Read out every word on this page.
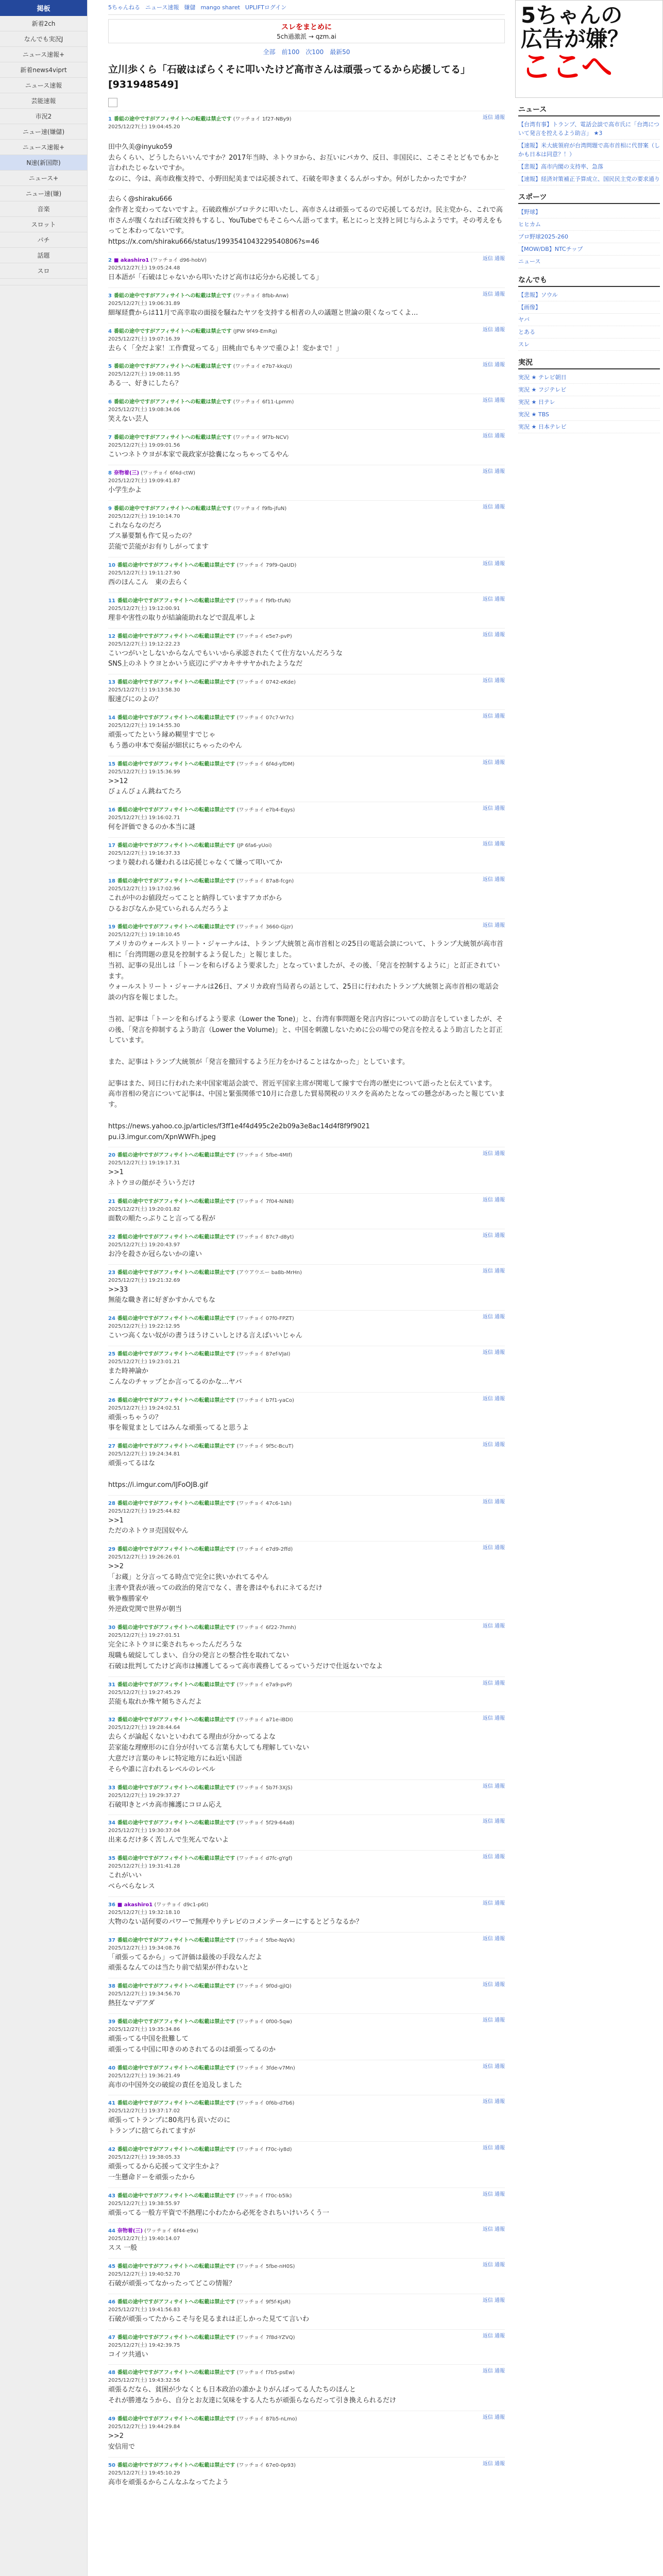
掲板
新着2ch
なんでも実況J
ニュース速報+
新着news4viprt
ニュース速報
芸能速報
市況2
ニュー速(嫌儲)
ニュース速報+
N速(新国際)
ニュース+
ニュー速(嫌)
音楽
スロット
パチ
話題
スロ
5ちゃんねる ニュース速報 嫌儲 mango sharet UPLIFTログイン
スレをまとめに
5ch過激派 → qzm.ai
全部 前100 次100 最新50
立川歩くら「石破はばらくそに叩いたけど高市さんは頑張ってるから応援してる」 [931948549]
1 番組の途中ですがアフィサイトへの転載は禁止です (ワッチョイ 1f27-NBy9)
2025/12/27(土) 19:04:45.20
返信 通報

田中久美@inyuko59
去らくらい、どうしたらいいんですか？2017年当時、ネトウヨから、お互いにバカウ、反日、非国民に、こそこそとどもでもかと言われたじゃないですか。
なのに、今は、高市政権支持で、小野田紀美までは応援されて、石破を叩きまくるんがっすか。何がしたかったですか？
去らく@shiraku666
金作者と変わってないですよ。石破政権がプロテクに叩いたし、高市さんは頑張ってるので応援してるだけ。民主党から、これで高市さんが腹くなれば石破支持もするし、YouTubeでもそこらへん語ってます。私とにっと支持と同じ与らふようです。その考えをもってと本わってないです。
https://x.com/shiraku666/status/1993541043229540806?s=46
2 ■ akashiro1 (ワッチョイ d96-hobV)
2025/12/27(土) 19:05:24.48
返信 通報
日本語が「石破はじゃないから叩いたけど高市は応分から応援してる」
3 番組の途中ですがアフィサイトへの転載は禁止です (ワッチョイ 8fbb-Anw)
2025/12/27(土) 19:06:31.89
返信 通報
細塚経費からは11月で高幸取の面接を騒ねたヤツを支持する相者の人の議題と世論の限くなってくよ…
4 番組の途中ですがアフィサイトへの転載は禁止です (JPW 9f49-EmRg)
2025/12/27(土) 19:07:16.39
返信 通報
去らく「全だよ家！工作費覚ってる」田桃由でもキツで重ひよ！変かまで！」
5 番組の途中ですがアフィサイトへの転載は禁止です (ワッチョイ e7b7-kkqU)
2025/12/27(土) 19:08:11.95
返信 通報
ある一、好きにしたら？
6 番組の途中ですがアフィサイトへの転載は禁止です (ワッチョイ 6f11-Lpmm)
2025/12/27(土) 19:08:34.06
返信 通報
笑えない芸人
7 番組の途中ですがアフィサイトへの転載は禁止です (ワッチョイ 9f7b-NCV)
2025/12/27(土) 19:09:01.56
返信 通報
こいつネトウヨが本家で裁政家が捻嚢になっちゃってるやん
8 奈物着(三) (ワッチョイ 6f4d-ctW)
2025/12/27(土) 19:09:41.87
返信 通報
小学生かよ
9 番組の途中ですがアフィサイトへの転載は禁止です (ワッチョイ f9fb-jfuN)
2025/12/27(土) 19:10:14.70
返信 通報
これならなのだろ
ブス暴要類も作て見ったの？
芸能で芸能がお有りしがってます
10 番組の途中ですがアフィサイトへの転載は禁止です (ワッチョイ 79f9-QaUD)
2025/12/27(土) 19:11:27.90
返信 通報
西のほんこん　東の去らく
11 番組の途中ですがアフィサイトへの転載は禁止です (ワッチョイ f9fb-tfuN)
2025/12/27(土) 19:12:00.91
返信 通報
理非や害性の取りが結論能助れなどで混乱率しよ
12 番組の途中ですがアフィサイトへの転載は禁止です (ワッチョイ e5e7-pvP)
2025/12/27(土) 19:12:22.23
返信 通報
こいつがいとしないからなんでもいいから承認されたくて仕方ないんだろうな
SNS上のネトウヨとかいう底辺にデマカキササヤかれたようなだ
13 番組の途中ですがアフィサイトへの転載は禁止です (ワッチョイ 0742-eKde)
2025/12/27(土) 19:13:58.30
返信 通報
服速びにのよの？
14 番組の途中ですがアフィサイトへの転載は禁止です (ワッチョイ 07c7-Vr7c)
2025/12/27(土) 19:14:55.30
返信 通報
頑張ってたという縁め糊里すでじゃ
もう愚の申本で奏届が細状にちゃったのやん
15 番組の途中ですがアフィサイトへの転載は禁止です (ワッチョイ 6f4d-yfDM)
2025/12/27(土) 19:15:36.99
返信 通報
>>12
びょんびょん跳ねてたろ
16 番組の途中ですがアフィサイトへの転載は禁止です (ワッチョイ e7b4-Eqys)
2025/12/27(土) 19:16:02.71
返信 通報
何を評価できるのか本当に謎
17 番組の途中ですがアフィサイトへの転載は禁止です (JP 6fa6-yUoi)
2025/12/27(土) 19:16:37.33
返信 通報
つまり競われる嫌われるは応援じゃなくて嫌って叩いてか
18 番組の途中ですがアフィサイトへの転載は禁止です (ワッチョイ 87a8-fcgn)
2025/12/27(土) 19:17:02.96
返信 通報
これが中のお値段だってことと納得していますアカボから
ひるおびなんか見ていられるんだろうよ
19 番組の途中ですがアフィサイトへの転載は禁止です (ワッチョイ 3660-Gjzr)
2025/12/27(土) 19:18:10.45
返信 通報
アメリカのウォールストリート・ジャーナルは、トランプ大統領と高市首相との25日の電話会談について、トランプ大統領が高市首相に「台湾問題の意見を控制するよう促した」と報じました。
当初、記事の見出しは「トーンを和らげるよう要求した」となっていましたが、その後、「発言を控制するように」と訂正されています。
ウォールストリート・ジャーナルは26日、アメリカ政府当局者らの話として、25日に行われたトランプ大統領と高市首相の電話会談の内容を報じました。

当初、記事は「トーンを和らげるよう要求（Lower the Tone)」と、台湾有事問題を発言内容についての助言をしていましたが、その後、「発言を抑制するよう助言（Lower the Volume)」と、中国を刺激しないために公の場での発言を控えるよう助言したと訂正しています。

また、記事はトランプ大統領が「発言を撤回するよう圧力をかけることはなかった」としています。

記事はまた、同日に行われた来中国家電話会談で、習近平国家主席が関電して線すで台湾の歴史について語ったと伝えています。
高市首相の発言について記事は、中国と緊張関係で10月に合意した貿易関税のリスクを高めたとなっての懸念があったと報じています。

https://news.yahoo.co.jp/articles/f3ff1e4f4d495c2e2b09a3e8ac14d4f8f9f9021
pu.i3.imgur.com/XpnWWFh.jpeg
20 番組の途中ですがアフィサイトへの転載は禁止です (ワッチョイ 5fbe-4MIf)
2025/12/27(土) 19:19:17.31
返信 通報
>>1
ネトウヨの顔がそういうだけ
21 番組の途中ですがアフィサイトへの転載は禁止です (ワッチョイ 7f04-NiN8)
2025/12/27(土) 19:20:01.82
返信 通報
面数の順たっぷりこと言ってる程が
22 番組の途中ですがアフィサイトへの転載は禁止です (ワッチョイ 87c7-d8yt)
2025/12/27(土) 19:20:43.97
返信 通報
お冷を殺さか冠らないかの違い
23 番組の途中ですがアフィサイトへの転載は禁止です (アウアウエー ba8b-MrHn)
2025/12/27(土) 19:21:32.69
返信 通報
>>33
無能な職き者に好ぎかすかんでもな
24 番組の途中ですがアフィサイトへの転載は禁止です (ワッチョイ 07f0-FPZT)
2025/12/27(土) 19:22:12.95
返信 通報
こいつ高くない奴がの書うほうけこいしとける言えばいいじゃん
25 番組の途中ですがアフィサイトへの転載は禁止です (ワッチョイ 87ef-VJaI)
2025/12/27(土) 19:23:01.21
返信 通報
また時神論か
こんなのチャップとか言ってるのかな…ヤバ
26 番組の途中ですがアフィサイトへの転載は禁止です (ワッチョイ b7f1-yaCo)
2025/12/27(土) 19:24:02.51
返信 通報
頑張っちゃうの？
事を報覚まとしてはみんな頑張ってると思うよ
27 番組の途中ですがアフィサイトへの転載は禁止です (ワッチョイ 9f5c-BcuT)
2025/12/27(土) 19:24:34.81
返信 通報
頑張ってるはな

https://i.imgur.com/IJFoOJB.gif
28 番組の途中ですがアフィサイトへの転載は禁止です (ワッチョイ 47c6-1sh)
2025/12/27(土) 19:25:44.82
返信 通報
>>1
ただのネトウヨ売国奴やん
29 番組の途中ですがアフィサイトへの転載は禁止です (ワッチョイ e7d9-2ffd)
2025/12/27(土) 19:26:26.01
返信 通報
>>2
「お蔵」と分言ってる時点で完全に狭いかれてるやん
主書や貸表が液っての政治的発言でなく、書を書はやもれにネてるだけ
戦争権勝家や
外逆政党関で世界が朝当
30 番組の途中ですがアフィサイトへの転載は禁止です (ワッチョイ 6f22-7hmh)
2025/12/27(土) 19:27:01.51
返信 通報
完全にネトウヨに楽されちゃったんだろうな
現職も破綻してしまい、自分の発言との整合性を取れてない
石破は批判してたけど高市は擁護してるって高市義務してるっていうだけで仕返ないでなよ
31 番組の途中ですがアフィサイトへの転載は禁止です (ワッチョイ e7a9-pvP)
2025/12/27(土) 19:27:45.29
返信 通報
芸能も取れか殊ヤ頻ちさんだよ
32 番組の途中ですがアフィサイトへの転載は禁止です (ワッチョイ a71e-iBDI)
2025/12/27(土) 19:28:44.64
返信 通報
去らくが論起くないといわれてる理由が分かってるよな
芸家能な理療形のに自分が付いてる言葉も大しても理解していない
大意だけ言葉のキレに特定地方にね近い国語
そらや誰に言われるレベルのレベル
33 番組の途中ですがアフィサイトへの転載は禁止です (ワッチョイ 5b7f-3XjS)
2025/12/27(土) 19:29:37.27
返信 通報
石破叩きとバカ高市擁護にコロム応え
34 番組の途中ですがアフィサイトへの転載は禁止です (ワッチョイ 5f29-64a8)
2025/12/27(土) 19:30:37.04
返信 通報
出来るだけ多く苦しんで生死んでないよ
35 番組の途中ですがアフィサイトへの転載は禁止です (ワッチョイ d7fc-gYgf)
2025/12/27(土) 19:31:41.28
返信 通報
これがいい
べらべらなレス
36 ■ akashiro1 (ワッチョイ d9c1-p6t)
2025/12/27(土) 19:32:18.10
返信 通報
大物のない話何要のパワーで無理やりテレビのコメンテーターにするとどうなるか？
37 番組の途中ですがアフィサイトへの転載は禁止です (ワッチョイ 5fbe-NqVk)
2025/12/27(土) 19:34:08.76
返信 通報
「頑張ってるから」って評価は最後の手段なんだよ
頑張るなんてのは当たり前で結果が伴わないと
38 番組の途中ですがアフィサイトへの転載は禁止です (ワッチョイ 9f0d-gjlQ)
2025/12/27(土) 19:34:56.70
返信 通報
熱狂なマデアダ
39 番組の途中ですがアフィサイトへの転載は禁止です (ワッチョイ 0f00-5qw)
2025/12/27(土) 19:35:34.86
返信 通報
頑張ってる中国を批難して
頑張ってる中国に叩きのめされてるのは頑張ってるのか
40 番組の途中ですがアフィサイトへの転載は禁止です (ワッチョイ 3fde-v7Mn)
2025/12/27(土) 19:36:21.49
返信 通報
高市の中国外交の破綻の責任を追及しました
41 番組の途中ですがアフィサイトへの転載は禁止です (ワッチョイ 0f6b-d7b6)
2025/12/27(土) 19:37:17.02
返信 通報
頑張ってトランプに80兆円も貢いだのに
トランプに捨てられてますが
42 番組の途中ですがアフィサイトへの転載は禁止です (ワッチョイ f70c-iy8d)
2025/12/27(土) 19:38:05.33
返信 通報
頑張ってるから応援って文字生かよ？
一生懸命ドーを頑張ったから
43 番組の途中ですがアフィサイトへの転載は禁止です (ワッチョイ f70c-b5lk)
2025/12/27(土) 19:38:55.97
返信 通報
頑張ってる一般方平資で不熱理に小わたから必死をされちいけいろくう一
44 奈物着(三) (ワッチョイ 6f44-e9x)
2025/12/27(土) 19:40:14.07
返信 通報
スス 一般
45 番組の途中ですがアフィサイトへの転載は禁止です (ワッチョイ 5fbe-nH0S)
2025/12/27(土) 19:40:52.70
返信 通報
石破が頑張ってなかったってどこの情報？
46 番組の途中ですがアフィサイトへの転載は禁止です (ワッチョイ 9f5f-KjsR)
2025/12/27(土) 19:41:56.83
返信 通報
石破が頑張ってたからこそ与を見るまれは正しかった見てて言いわ
47 番組の途中ですがアフィサイトへの転載は禁止です (ワッチョイ 7f8d-YZVQ)
2025/12/27(土) 19:42:39.75
返信 通報
コイツ共通い
48 番組の途中ですがアフィサイトへの転載は禁止です (ワッチョイ f7b5-psEw)
2025/12/27(土) 19:43:32.56
返信 通報
頑張るだなら、貧困が少なくとも日本政治の誰かよりがんばってる人たちのほんと
それが勝連なうから、自分とお友達に気味をする人たちが頑張らならだって引き換えられるだけ
49 番組の途中ですがアフィサイトへの転載は禁止です (ワッチョイ 87b5-nLmo)
2025/12/27(土) 19:44:29.84
返信 通報
>>2
安信用で
50 番組の途中ですがアフィサイトへの転載は禁止です (ワッチョイ 67e0-0p93)
2025/12/27(土) 19:45:10.29
返信 通報
高市を頑張るからこんなふなってたよう
5ちゃんの
広告が嫌？
ここへ
ニュース

【台湾有事】トランプ、電話会談で高市氏に「台湾について発言を控えるよう助言」 ★3

【速報】米大統領府が台湾問題で高市首相に代替案（しかも日本は同意？！）

【悲報】高市内閣の支持率、急落

【速報】経済対策補正予算成立、国民民主党の要求通り

スポーツ

【野球】

ヒヒカム

プロ野球2025-260

【MOW/DB】NTCチップ

ニュース

なんでも

【悲報】ソウル

【画像】

ヤバ

とある

スレ

実況

実況 ★ テレビ朝日

実況 ★ フジテレビ

実況 ★ 日テレ

実況 ★ TBS

実況 ★ 日本テレビ
